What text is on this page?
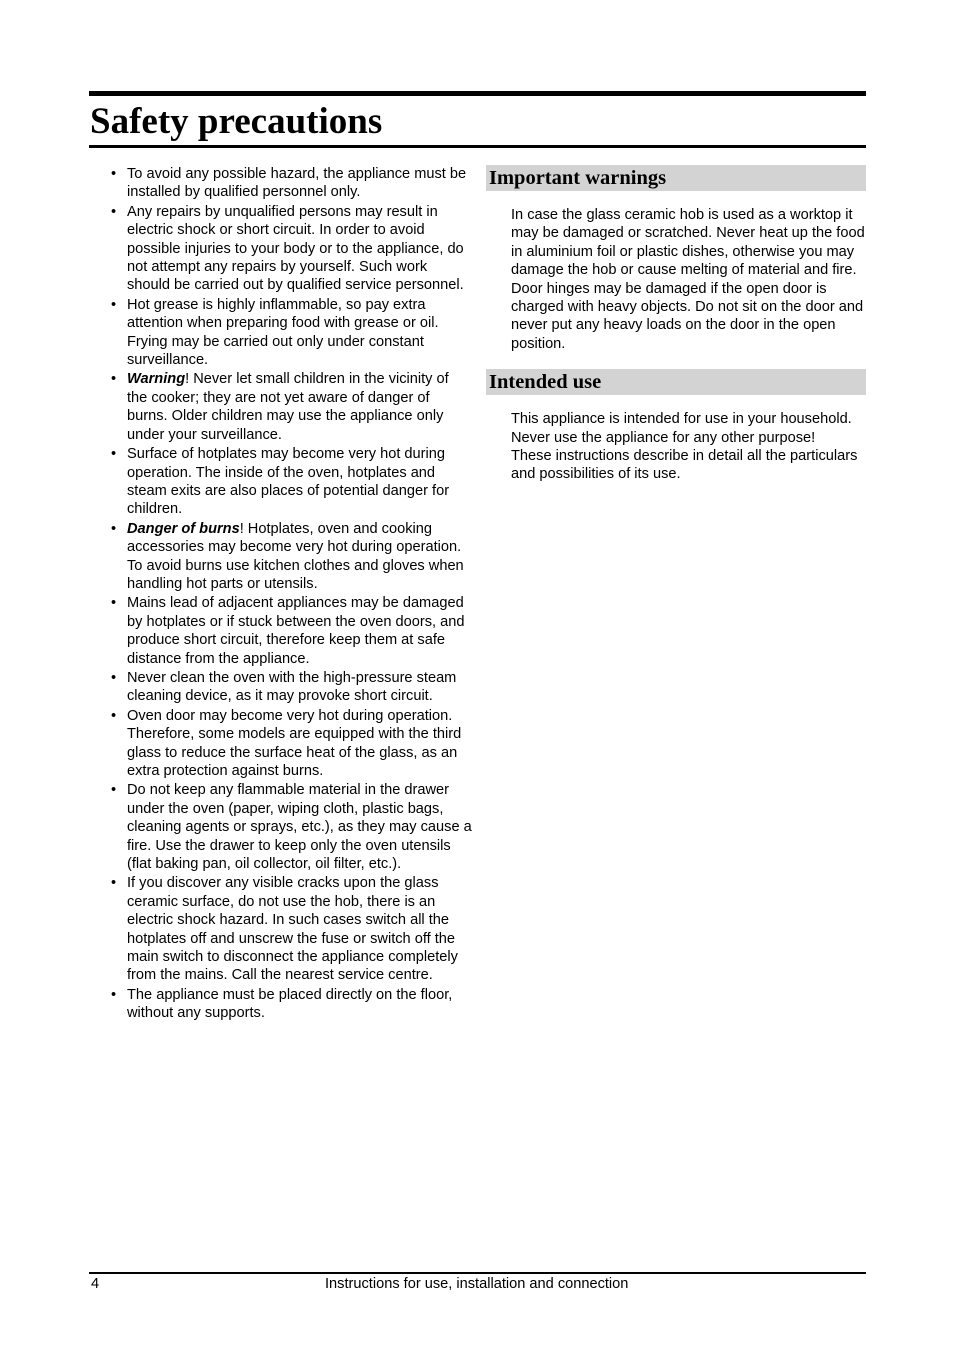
Safety precautions
• To avoid any possible hazard, the appliance must be installed by qualified personnel only.
• Any repairs by unqualified persons may result in electric shock or short circuit. In order to avoid possible injuries to your body or to the appliance, do not attempt any repairs by yourself. Such work should be carried out by qualified service personnel.
• Hot grease is highly inflammable, so pay extra attention when preparing food with grease or oil. Frying may be carried out only under constant surveillance.
• Warning! Never let small children in the vicinity of the cooker; they are not yet aware of danger of burns. Older children may use the appliance only under your surveillance.
• Surface of hotplates may become very hot during operation. The inside of the oven, hotplates and steam exits are also places of potential danger for children.
• Danger of burns! Hotplates, oven and cooking accessories may become very hot during operation. To avoid burns use kitchen clothes and gloves when handling hot parts or utensils.
• Mains lead of adjacent appliances may be damaged by hotplates or if stuck between the oven doors, and produce short circuit, therefore keep them at safe distance from the appliance.
• Never clean the oven with the high-pressure steam cleaning device, as it may provoke short circuit.
• Oven door may become very hot during operation. Therefore, some models are equipped with the third glass to reduce the surface heat of the glass, as an extra protection against burns.
• Do not keep any flammable material in the drawer under the oven (paper, wiping cloth, plastic bags, cleaning agents or sprays, etc.), as they may cause a fire. Use the drawer to keep only the oven utensils (flat baking pan, oil collector, oil filter, etc.).
• If you discover any visible cracks upon the glass ceramic surface, do not use the hob, there is an electric shock hazard. In such cases switch all the hotplates off and unscrew the fuse or switch off the main switch to disconnect the appliance completely from the mains. Call the nearest service centre.
• The appliance must be placed directly on the floor, without any supports.
Important warnings

In case the glass ceramic hob is used as a worktop it may be damaged or scratched. Never heat up the food in aluminium foil or plastic dishes, otherwise you may damage the hob or cause melting of material and fire.

Door hinges may be damaged if the open door is charged with heavy objects. Do not sit on the door and never put any heavy loads on the door in the open position.

Intended use

This appliance is intended for use in your household. Never use the appliance for any other purpose!

These instructions describe in detail all the particulars and possibilities of its use.

4	Instructions for use, installation and connection
